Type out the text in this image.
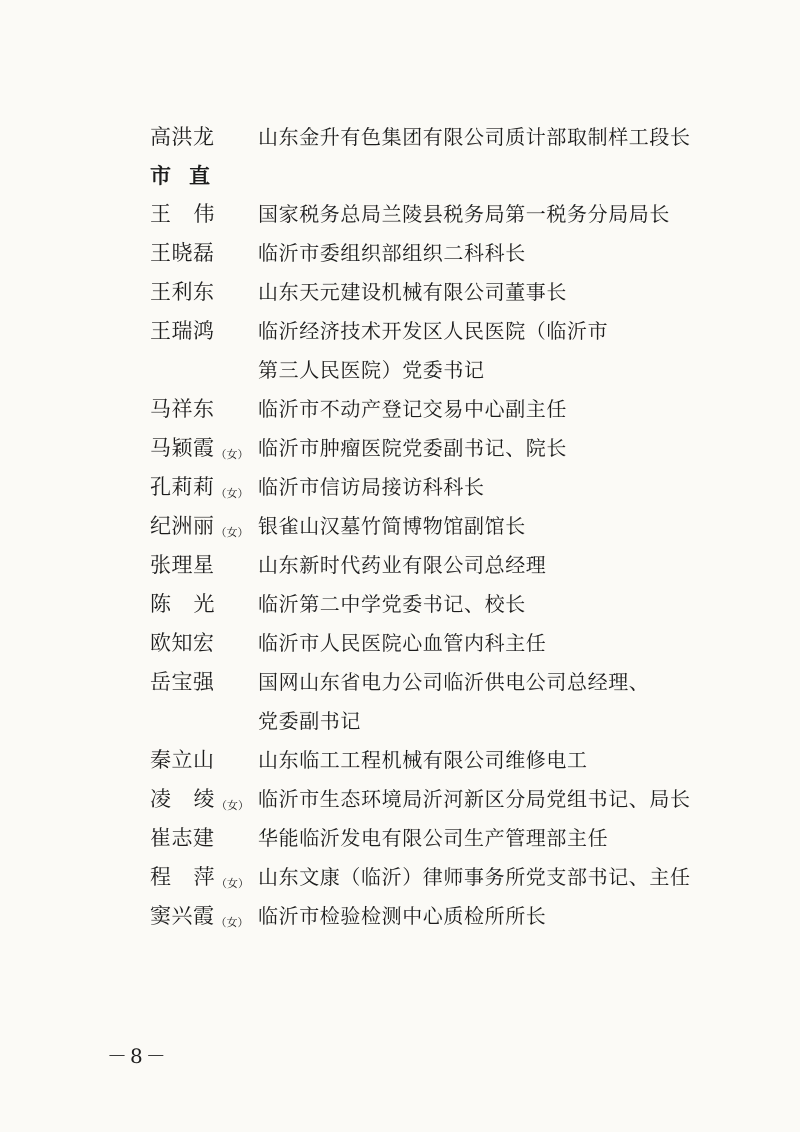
高洪龙	山东金升有色集团有限公司质计部取制样工段长
市 直
王 伟	国家税务总局兰陵县税务局第一税务分局局长
王晓磊	临沂市委组织部组织二科科长
王利东	山东天元建设机械有限公司董事长
王瑞鸿	临沂经济技术开发区人民医院（临沂市
第三人民医院）党委书记
马祥东	临沂市不动产登记交易中心副主任
马颖霞（女） 临沂市肿瘤医院党委副书记、院长
孔莉莉（女） 临沂市信访局接访科科长
纪洲丽（女） 银雀山汉墓竹简博物馆副馆长
张理星	山东新时代药业有限公司总经理
陈 光	临沂第二中学党委书记、校长
欧知宏	临沂市人民医院心血管内科主任
岳宝强	国网山东省电力公司临沂供电公司总经理、
党委副书记
秦立山	山东临工工程机械有限公司维修电工
凌 绫（女） 临沂市生态环境局沂河新区分局党组书记、局长
崔志建	华能临沂发电有限公司生产管理部主任
程 萍（女） 山东文康（临沂）律师事务所党支部书记、主任
窦兴霞（女） 临沂市检验检测中心质检所所长
－8－
